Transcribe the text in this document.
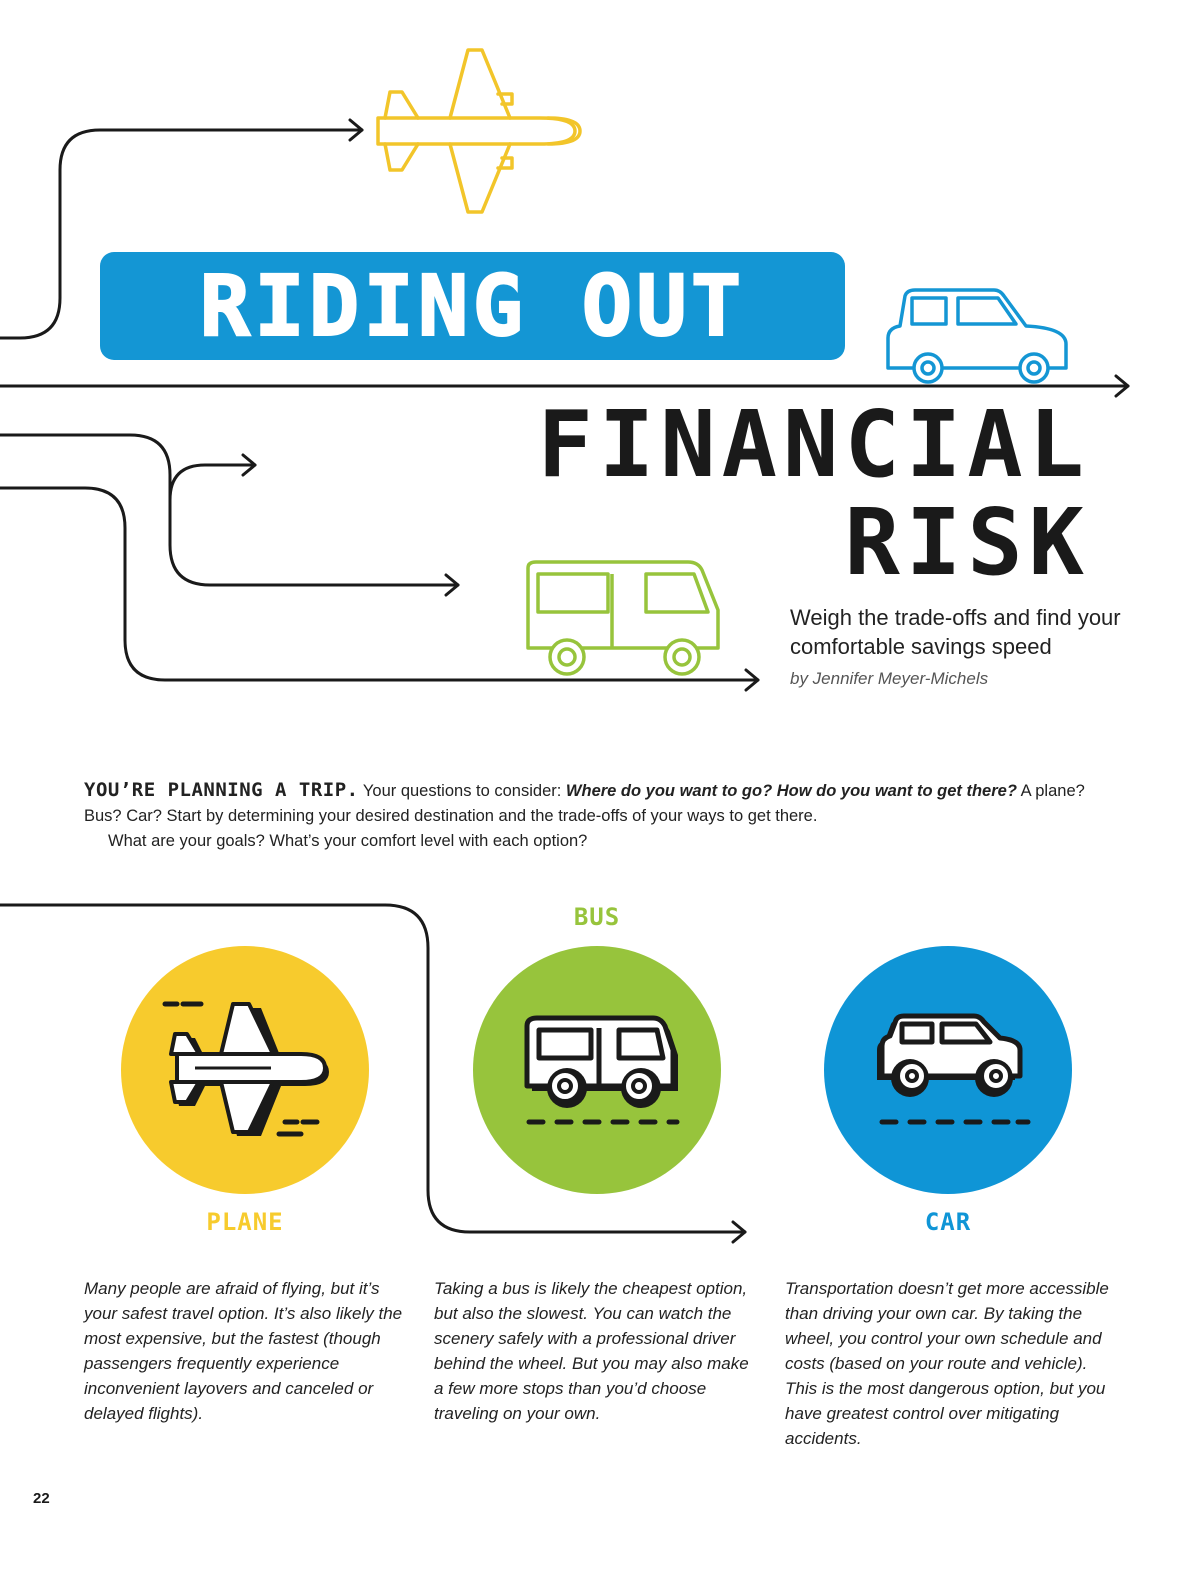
RIDING OUT
FINANCIAL
RISK
Weigh the trade-offs and find your comfortable savings speed
by Jennifer Meyer-Michels
YOU’RE PLANNING A TRIP. Your questions to consider: Where do you want to go? How do you want to get there? A plane? Bus? Car? Start by determining your desired destination and the trade-offs of your ways to get there.
What are your goals? What’s your comfort level with each option?
BUS
PLANE	CAR
Many people are afraid of flying, but it’s your safest travel option. It’s also likely the most expensive, but the fastest (though passengers frequently experience inconvenient layovers and canceled or delayed flights).
Taking a bus is likely the cheapest option, but also the slowest. You can watch the scenery safely with a professional driver behind the wheel. But you may also make a few more stops than you’d choose traveling on your own.
Transportation doesn’t get more accessible than driving your own car. By taking the wheel, you control your own schedule and costs (based on your route and vehicle). This is the most dangerous option, but you have greatest control over mitigating accidents.
22
